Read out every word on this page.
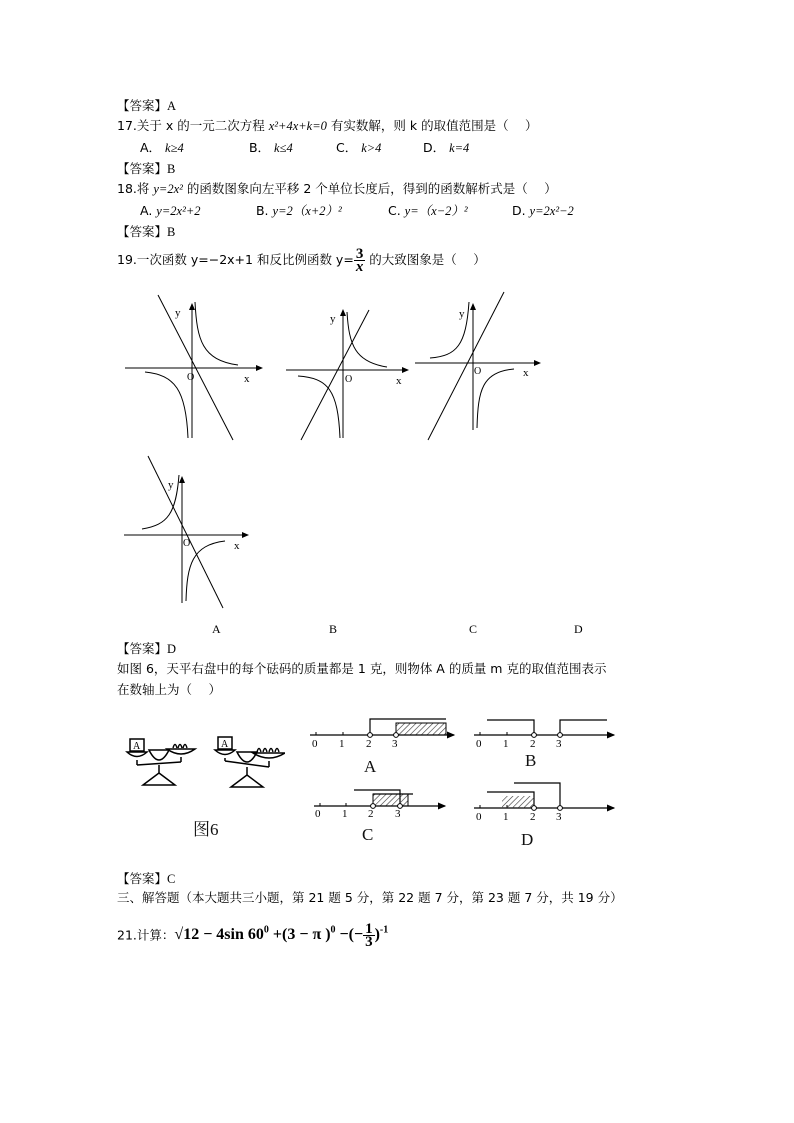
【答案】A
17.关于 x 的一元二次方程 x²+4x+k=0 有实数解，则 k 的取值范围是（　 ）
A． k≥4	B． k≤4	C． k>4	D． k=4
【答案】B
18.将 y=2x² 的函数图象向左平移 2 个单位长度后，得到的函数解析式是（　 ）
A. y=2x²+2	B. y=2（x+2）²	C. y=（x−2）²	D. y=2x²−2
【答案】B
19.一次函数 y=−2x+1 和反比例函数 $y= \frac{3}{x}$ 的大致图象是（　 ）
y
x
O
y
x
O
y
x
O
y
x
O
A	B	C	D
【答案】D
如图 6，天平右盘中的每个砝码的质量都是 1 克，则物体 A 的质量 m 克的取值范围表示
在数轴上为（　 ）
A	A
图6
0 1 2 3
A
0 1 2 3
B
0 1 2 3
C
0 1 2 3
D
【答案】C
三、解答题（本大题共三小题，第 21 题 5 分，第 22 题 7 分，第 23 题 7 分，共 19 分）
21.计算：√12 − 4sin $60^0 +(3 - \pi$ )$^0$ −(− $\frac{1}{3} )^{-1}$
